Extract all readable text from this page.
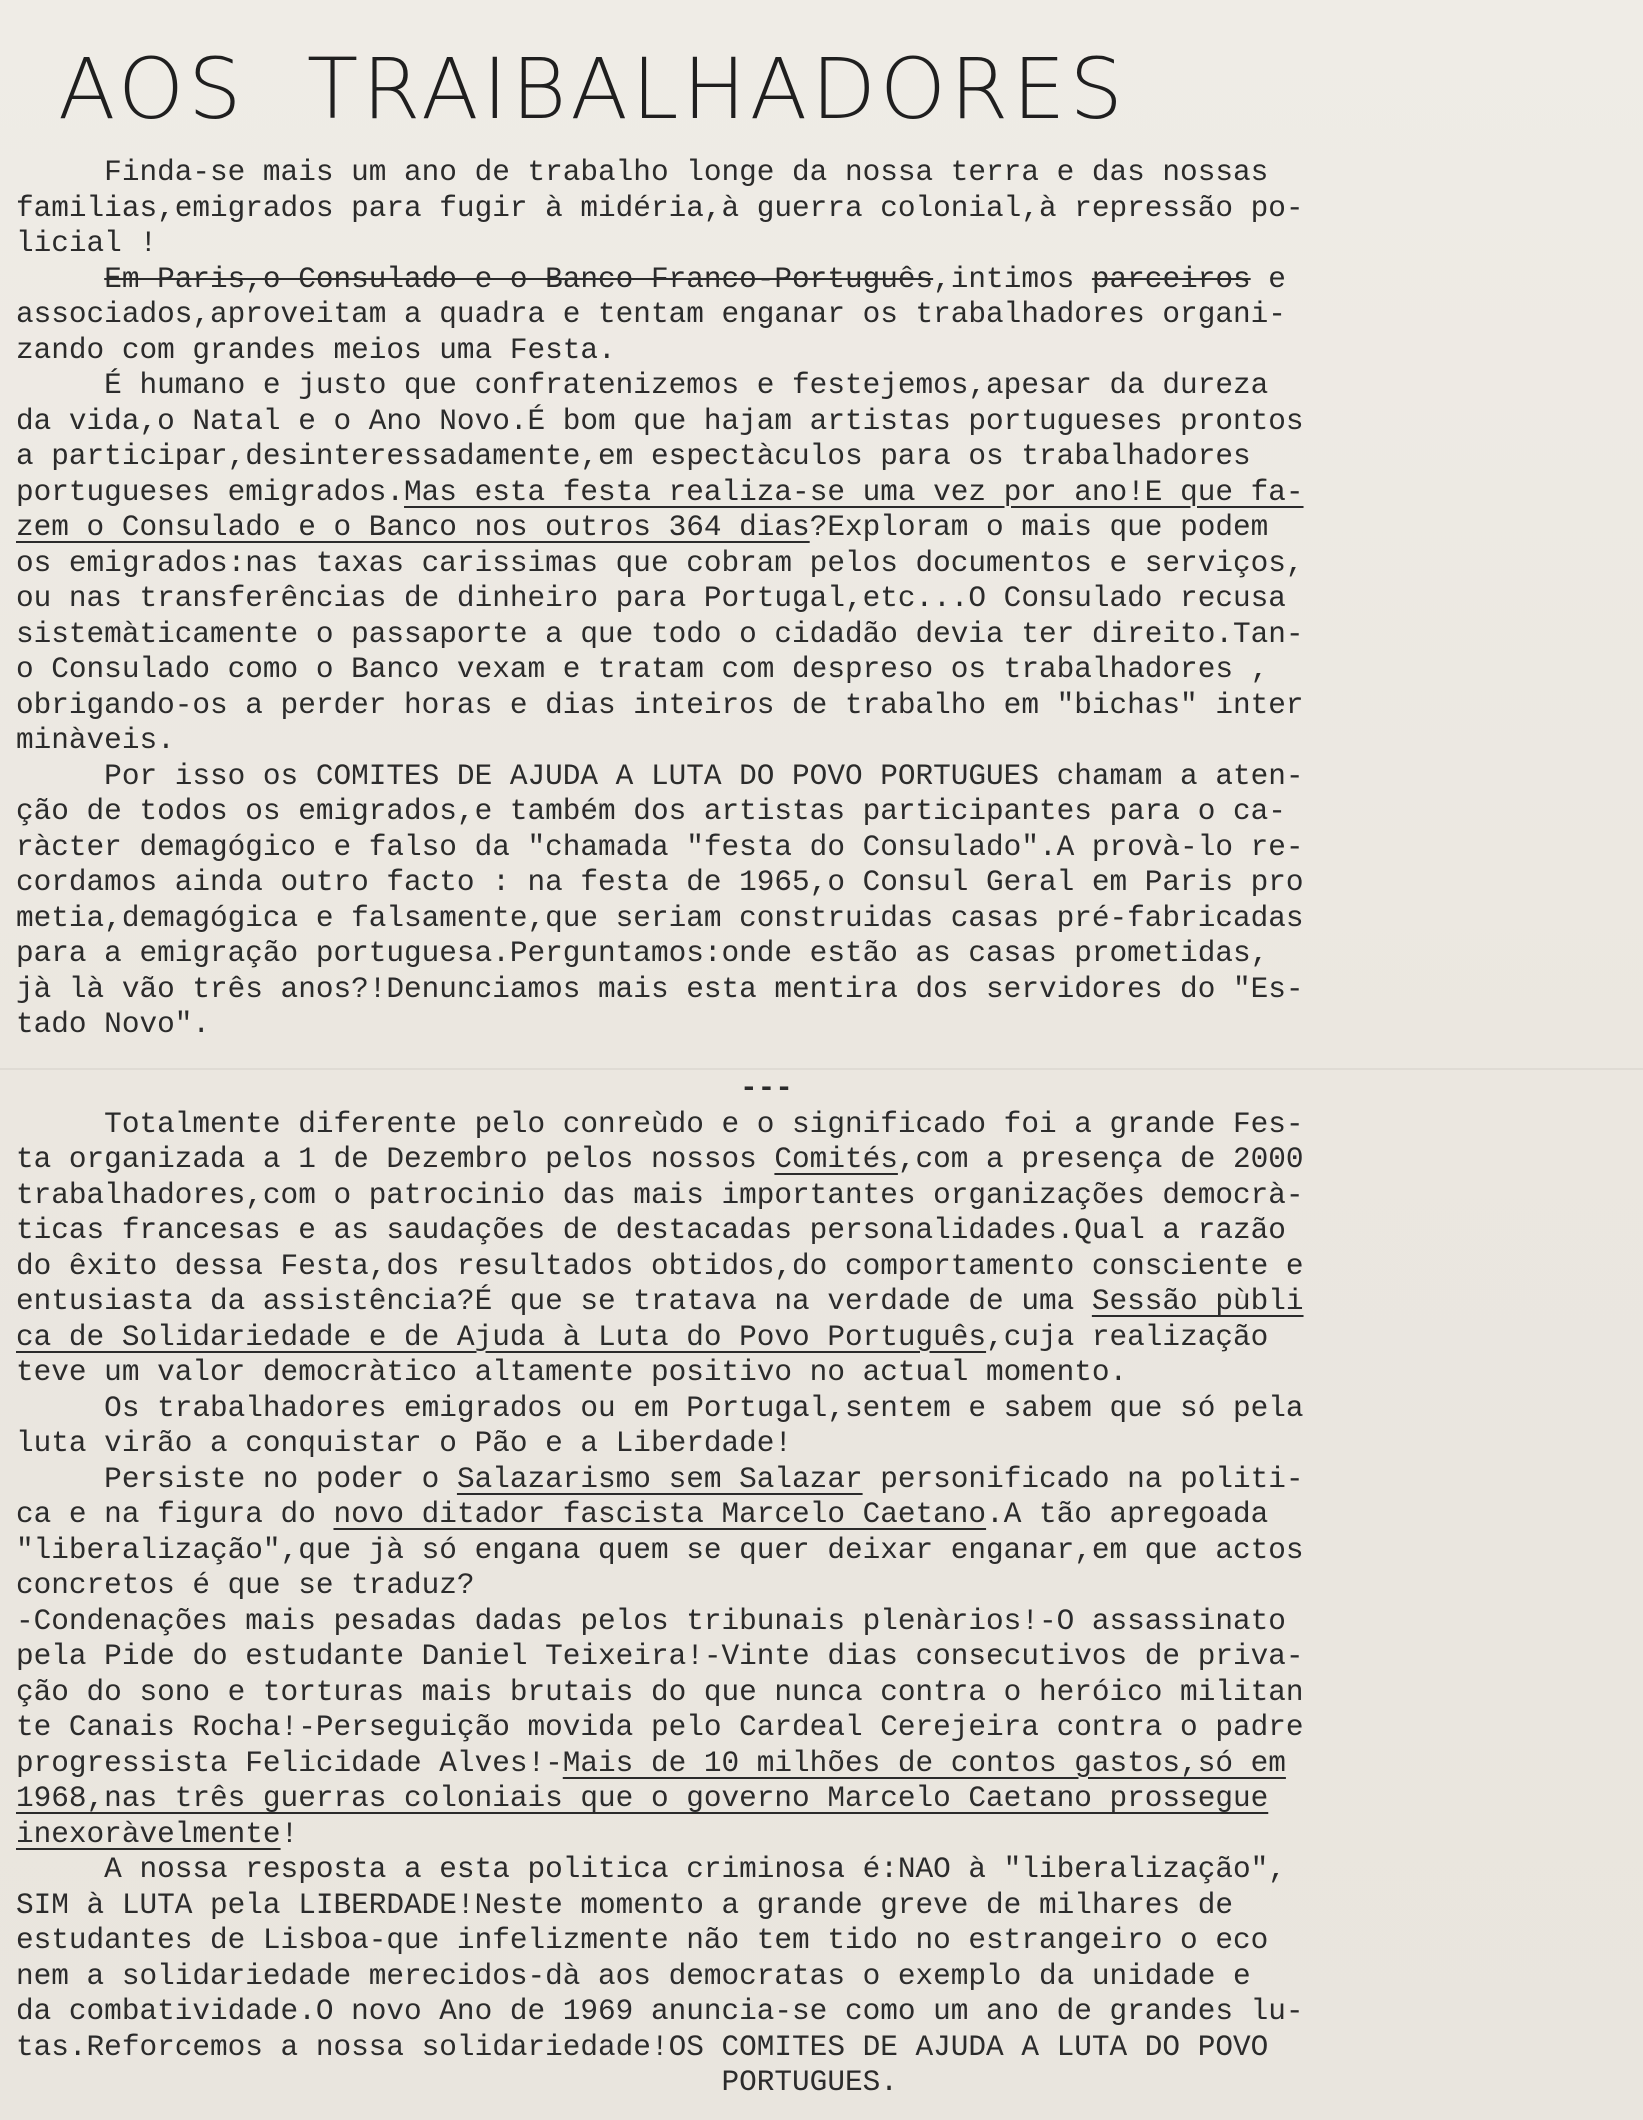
AOS  TRAIBALHADORES
Finda-se mais um ano de trabalho longe da nossa terra e das nossas
familias,emigrados para fugir à midéria,à guerra colonial,à repressão po-
licial !
Em Paris,o Consulado e o Banco Franco-Português,intimos parceiros e
associados,aproveitam a quadra e tentam enganar os trabalhadores organi-
zando com grandes meios uma Festa.
É humano e justo que confratenizemos e festejemos,apesar da dureza
da vida,o Natal e o Ano Novo.É bom que hajam artistas portugueses prontos
a participar,desinteressadamente,em espectàculos para os trabalhadores
portugueses emigrados.Mas esta festa realiza-se uma vez por ano!E que fa-
zem o Consulado e o Banco nos outros 364 dias?Exploram o mais que podem
os emigrados:nas taxas carissimas que cobram pelos documentos e serviços,
ou nas transferências de dinheiro para Portugal,etc...O Consulado recusa
sistemàticamente o passaporte a que todo o cidadão devia ter direito.Tan-
o Consulado como o Banco vexam e tratam com despreso os trabalhadores ,
obrigando-os a perder horas e dias inteiros de trabalho em "bichas" inter
minàveis.
Por isso os COMITES DE AJUDA A LUTA DO POVO PORTUGUES chamam a aten-
ção de todos os emigrados,e também dos artistas participantes para o ca-
ràcter demagógico e falso da "chamada "festa do Consulado".A provà-lo re-
cordamos ainda outro facto : na festa de 1965,o Consul Geral em Paris pro
metia,demagógica e falsamente,que seriam construidas casas pré-fabricadas
para a emigração portuguesa.Perguntamos:onde estão as casas prometidas,
jà là vão três anos?!Denunciamos mais esta mentira dos servidores do "Es-
tado Novo".
---
Totalmente diferente pelo conreùdo e o significado foi a grande Fes-
ta organizada a 1 de Dezembro pelos nossos Comités,com a presença de 2000
trabalhadores,com o patrocinio das mais importantes organizações democrà-
ticas francesas e as saudações de destacadas personalidades.Qual a razão
do êxito dessa Festa,dos resultados obtidos,do comportamento consciente e
entusiasta da assistência?É que se tratava na verdade de uma Sessão pùbli
ca de Solidariedade e de Ajuda à Luta do Povo Português,cuja realização
teve um valor democràtico altamente positivo no actual momento.
Os trabalhadores emigrados ou em Portugal,sentem e sabem que só pela
luta virão a conquistar o Pão e a Liberdade!
Persiste no poder o Salazarismo sem Salazar personificado na politi-
ca e na figura do novo ditador fascista Marcelo Caetano.A tão apregoada
"liberalização",que jà só engana quem se quer deixar enganar,em que actos
concretos é que se traduz?
-Condenações mais pesadas dadas pelos tribunais plenàrios!-O assassinato
pela Pide do estudante Daniel Teixeira!-Vinte dias consecutivos de priva-
ção do sono e torturas mais brutais do que nunca contra o heróico militan
te Canais Rocha!-Perseguição movida pelo Cardeal Cerejeira contra o padre
progressista Felicidade Alves!-Mais de 10 milhões de contos gastos,só em
1968,nas três guerras coloniais que o governo Marcelo Caetano prossegue
inexoràvelmente!
A nossa resposta a esta politica criminosa é:NAO à "liberalização",
SIM à LUTA pela LIBERDADE!Neste momento a grande greve de milhares de
estudantes de Lisboa-que infelizmente não tem tido no estrangeiro o eco
nem a solidariedade merecidos-dà aos democratas o exemplo da unidade e
da combatividade.O novo Ano de 1969 anuncia-se como um ano de grandes lu-
tas.Reforcemos a nossa solidariedade!OS COMITES DE AJUDA A LUTA DO POVO
PORTUGUES.
